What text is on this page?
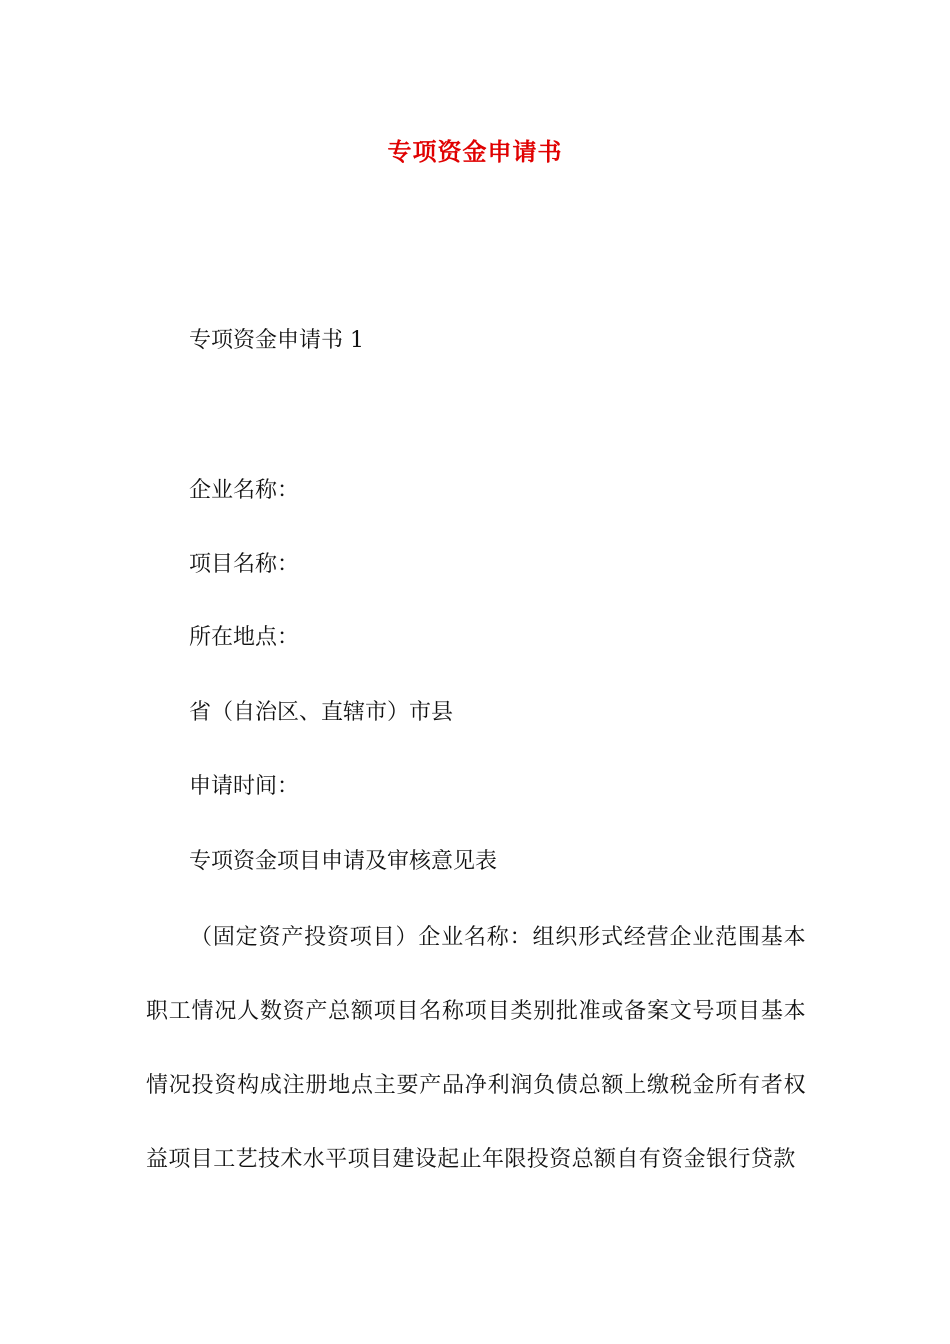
专项资金申请书
专项资金申请书 1
企业名称：
项目名称：
所在地点：
省（自治区、直辖市）市县
申请时间：
专项资金项目申请及审核意见表
（固定资产投资项目）企业名称：组织形式经营企业范围基本职工情况人数资产总额项目名称项目类别批准或备案文号项目基本情况投资构成注册地点主要产品净利润负债总额上缴税金所有者权益项目工艺技术水平项目建设起止年限投资总额自有资金银行贷款
